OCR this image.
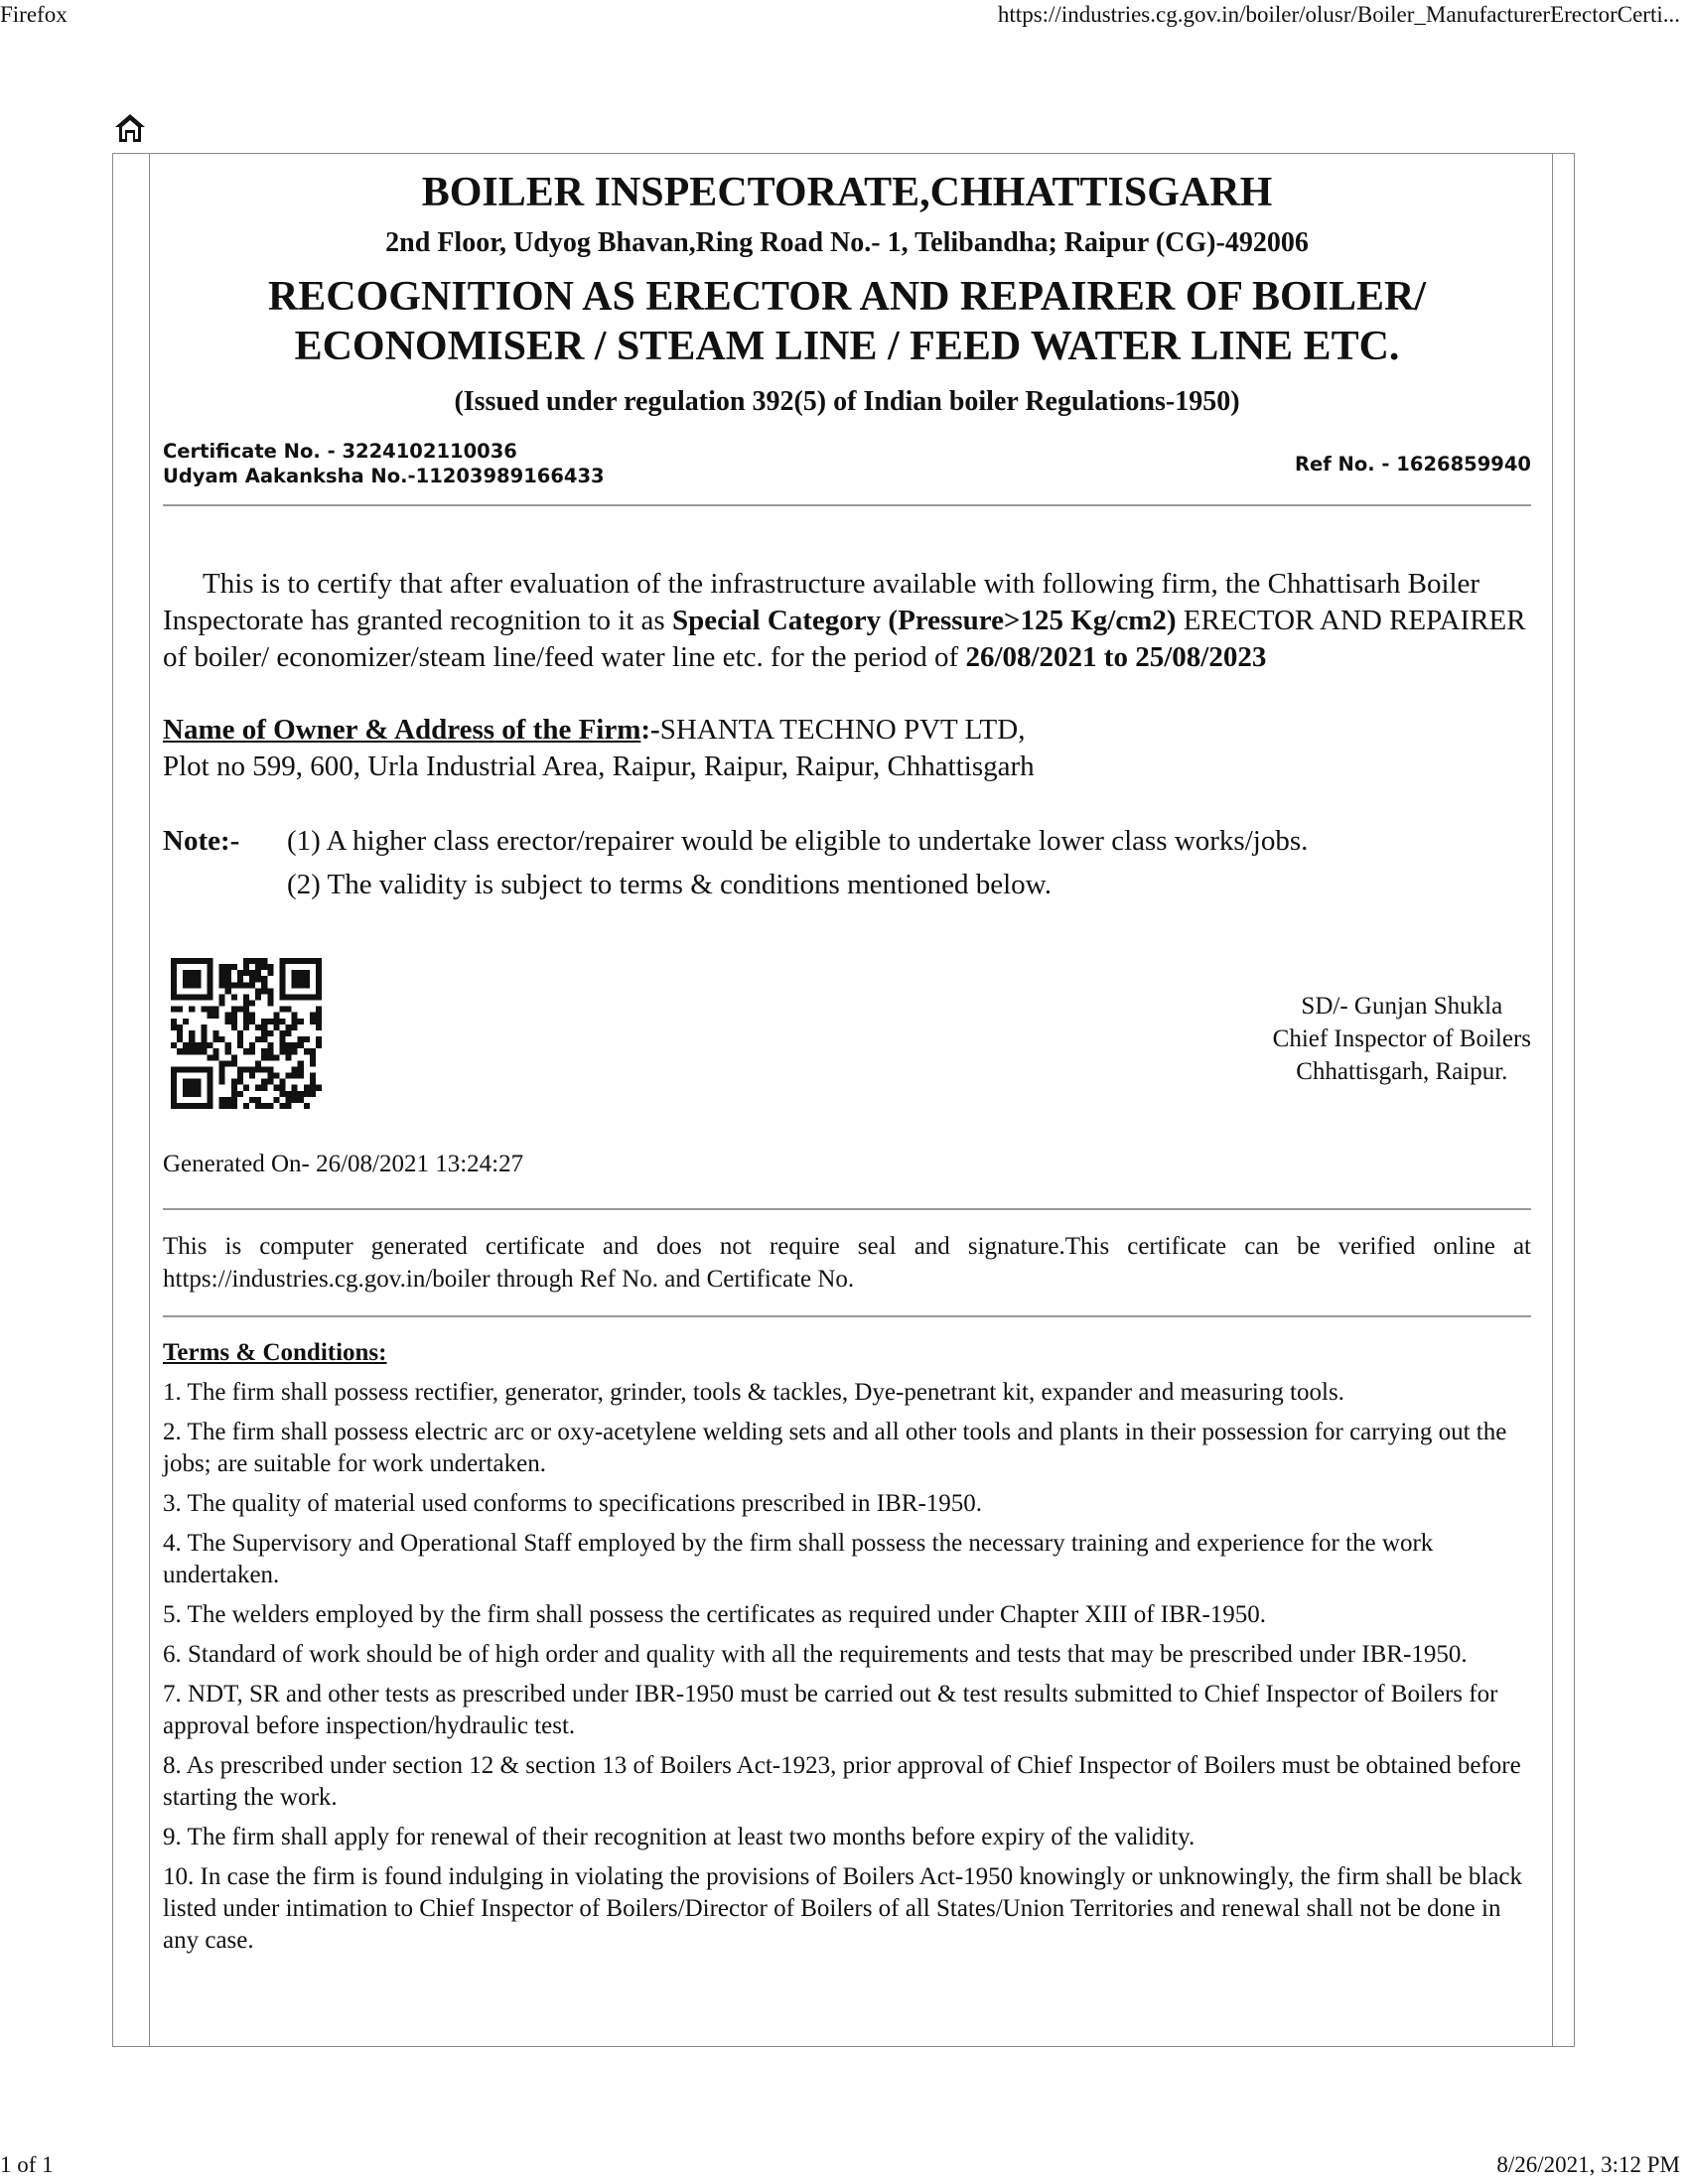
Firefox	https://industries.cg.gov.in/boiler/olusr/Boiler_ManufacturerErectorCerti...
BOILER INSPECTORATE,CHHATTISGARH
2nd Floor, Udyog Bhavan,Ring Road No.- 1, Telibandha; Raipur (CG)-492006
RECOGNITION AS ERECTOR AND REPAIRER OF BOILER/
ECONOMISER / STEAM LINE / FEED WATER LINE ETC.
(Issued under regulation 392(5) of Indian boiler Regulations-1950)
Certificate No. - 3224102110036
Udyam Aakanksha No.-11203989166433
Ref No. - 1626859940
This is to certify that after evaluation of the infrastructure available with following firm, the Chhattisarh Boiler Inspectorate has granted recognition to it as Special Category (Pressure>125 Kg/cm2) ERECTOR AND REPAIRER of boiler/ economizer/steam line/feed water line etc. for the period of 26/08/2021 to 25/08/2023
Name of Owner & Address of the Firm:-SHANTA TECHNO PVT LTD,
Plot no 599, 600, Urla Industrial Area, Raipur, Raipur, Raipur, Chhattisgarh
Note:- (1) A higher class erector/repairer would be eligible to undertake lower class works/jobs.
(2) The validity is subject to terms & conditions mentioned below.
SD/- Gunjan Shukla
Chief Inspector of Boilers
Chhattisgarh, Raipur.
Generated On- 26/08/2021 13:24:27
This is computer generated certificate and does not require seal and signature.This certificate can be verified online at https://industries.cg.gov.in/boiler through Ref No. and Certificate No.
Terms & Conditions:
1. The firm shall possess rectifier, generator, grinder, tools & tackles, Dye-penetrant kit, expander and measuring tools.
2. The firm shall possess electric arc or oxy-acetylene welding sets and all other tools and plants in their possession for carrying out the jobs; are suitable for work undertaken.
3. The quality of material used conforms to specifications prescribed in IBR-1950.
4. The Supervisory and Operational Staff employed by the firm shall possess the necessary training and experience for the work undertaken.
5. The welders employed by the firm shall possess the certificates as required under Chapter XIII of IBR-1950.
6. Standard of work should be of high order and quality with all the requirements and tests that may be prescribed under IBR-1950.
7. NDT, SR and other tests as prescribed under IBR-1950 must be carried out & test results submitted to Chief Inspector of Boilers for approval before inspection/hydraulic test.
8. As prescribed under section 12 & section 13 of Boilers Act-1923, prior approval of Chief Inspector of Boilers must be obtained before starting the work.
9. The firm shall apply for renewal of their recognition at least two months before expiry of the validity.
10. In case the firm is found indulging in violating the provisions of Boilers Act-1950 knowingly or unknowingly, the firm shall be black listed under intimation to Chief Inspector of Boilers/Director of Boilers of all States/Union Territories and renewal shall not be done in any case.
1 of 1	8/26/2021, 3:12 PM
